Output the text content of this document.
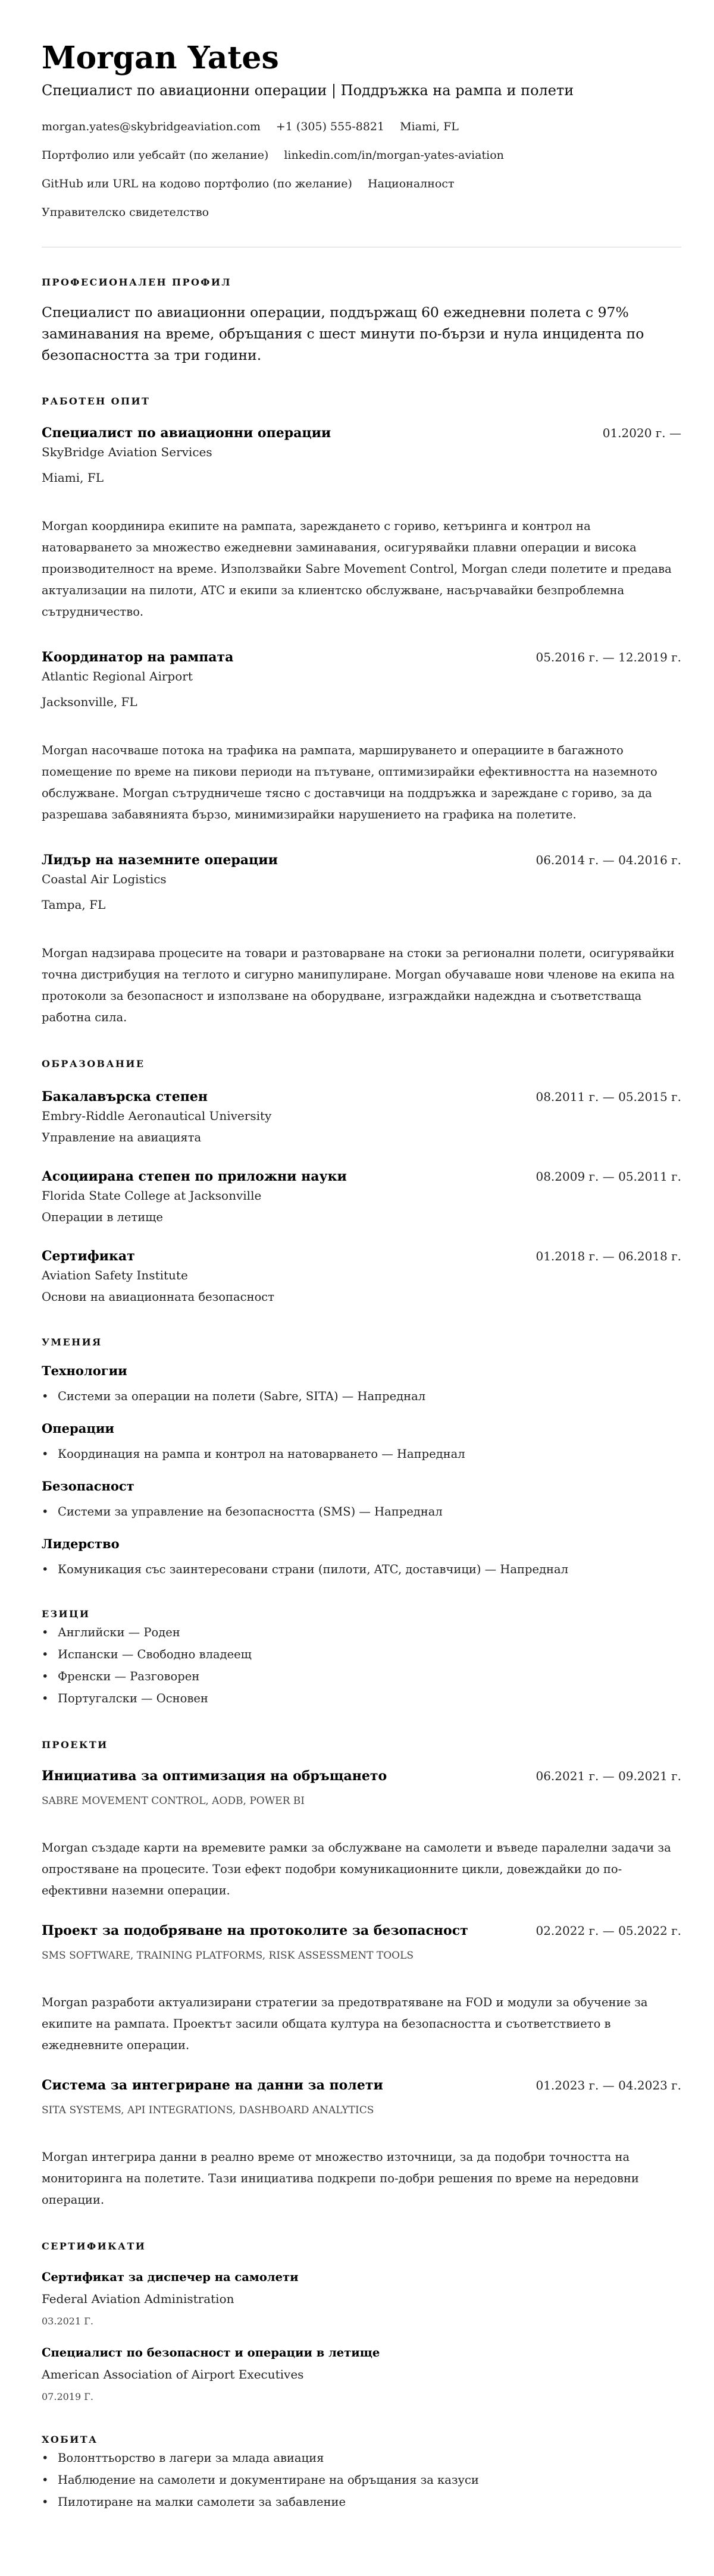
Morgan Yates
Специалист по авиационни операции | Поддръжка на рампа и полети
morgan.yates@skybridgeaviation.com +1 (305) 555-8821 Miami, FL
Портфолио или уебсайт (по желание) linkedin.com/in/morgan-yates-aviation
GitHub или URL на кодово портфолио (по желание) Националност
Управителско свидетелство
ПРОФЕСИОНАЛЕН ПРОФИЛ
Специалист по авиационни операции, поддържащ 60 ежедневни полета с 97% заминавания на време, обръщания с шест минути по-бързи и нула инцидента по безопасността за три години.
РАБОТЕН ОПИТ
Специалист по авиационни операции	01.2020 г. —
SkyBridge Aviation Services
Miami, FL
Morgan координира екипите на рампата, зареждането с гориво, кетъринга и контрол на натоварването за множество ежедневни заминавания, осигурявайки плавни операции и висока производителност на време. Използвайки Sabre Movement Control, Morgan следи полетите и предава актуализации на пилоти, ATC и екипи за клиентско обслужване, насърчавайки безпроблемна сътрудничество.
Координатор на рампата	05.2016 г. — 12.2019 г.
Atlantic Regional Airport
Jacksonville, FL
Morgan насочваше потока на трафика на рампата, маршируването и операциите в багажното помещение по време на пикови периоди на пътуване, оптимизирайки ефективността на наземното обслужване. Morgan сътрудничеше тясно с доставчици на поддръжка и зареждане с гориво, за да разрешава забавянията бързо, минимизирайки нарушението на графика на полетите.
Лидър на наземните операции	06.2014 г. — 04.2016 г.
Coastal Air Logistics
Tampa, FL
Morgan надзирава процесите на товари и разтоварване на стоки за регионални полети, осигурявайки точна дистрибуция на теглото и сигурно манипулиране. Morgan обучаваше нови членове на екипа на протоколи за безопасност и използване на оборудване, изграждайки надеждна и съответстваща работна сила.
ОБРАЗОВАНИЕ
Бакалавърска степен	08.2011 г. — 05.2015 г.
Embry-Riddle Aeronautical University
Управление на авиацията
Асоциирана степен по приложни науки	08.2009 г. — 05.2011 г.
Florida State College at Jacksonville
Операции в летище
Сертификат	01.2018 г. — 06.2018 г.
Aviation Safety Institute
Основи на авиационната безопасност
УМЕНИЯ
Технологии
• Системи за операции на полети (Sabre, SITA) — Напреднал
Операции
• Координация на рампа и контрол на натоварването — Напреднал
Безопасност
• Системи за управление на безопасността (SMS) — Напреднал
Лидерство
• Комуникация със заинтересовани страни (пилоти, ATC, доставчици) — Напреднал
ЕЗИЦИ
• Английски — Роден
• Испански — Свободно владеещ
• Френски — Разговорен
• Португалски — Основен
ПРОЕКТИ
Инициатива за оптимизация на обръщането	06.2021 г. — 09.2021 г.
SABRE MOVEMENT CONTROL, AODB, POWER BI
Morgan създаде карти на времевите рамки за обслужване на самолети и въведе паралелни задачи за опростяване на процесите. Този ефект подобри комуникационните цикли, довеждайки до по-ефективни наземни операции.
Проект за подобряване на протоколите за безопасност	02.2022 г. — 05.2022 г.
SMS SOFTWARE, TRAINING PLATFORMS, RISK ASSESSMENT TOOLS
Morgan разработи актуализирани стратегии за предотвратяване на FOD и модули за обучение за екипите на рампата. Проектът засили общата култура на безопасността и съответствието в ежедневните операции.
Система за интегриране на данни за полети	01.2023 г. — 04.2023 г.
SITA SYSTEMS, API INTEGRATIONS, DASHBOARD ANALYTICS
Morgan интегрира данни в реално време от множество източници, за да подобри точността на мониторинга на полетите. Тази инициатива подкрепи по-добри решения по време на нередовни операции.
СЕРТИФИКАТИ
Сертификат за диспечер на самолети
Federal Aviation Administration
03.2021 Г.
Специалист по безопасност и операции в летище
American Association of Airport Executives
07.2019 Г.
ХОБИТА
• Волонттьорство в лагери за млада авиация
• Наблюдение на самолети и документиране на обръщания за казуси
• Пилотиране на малки самолети за забавление
